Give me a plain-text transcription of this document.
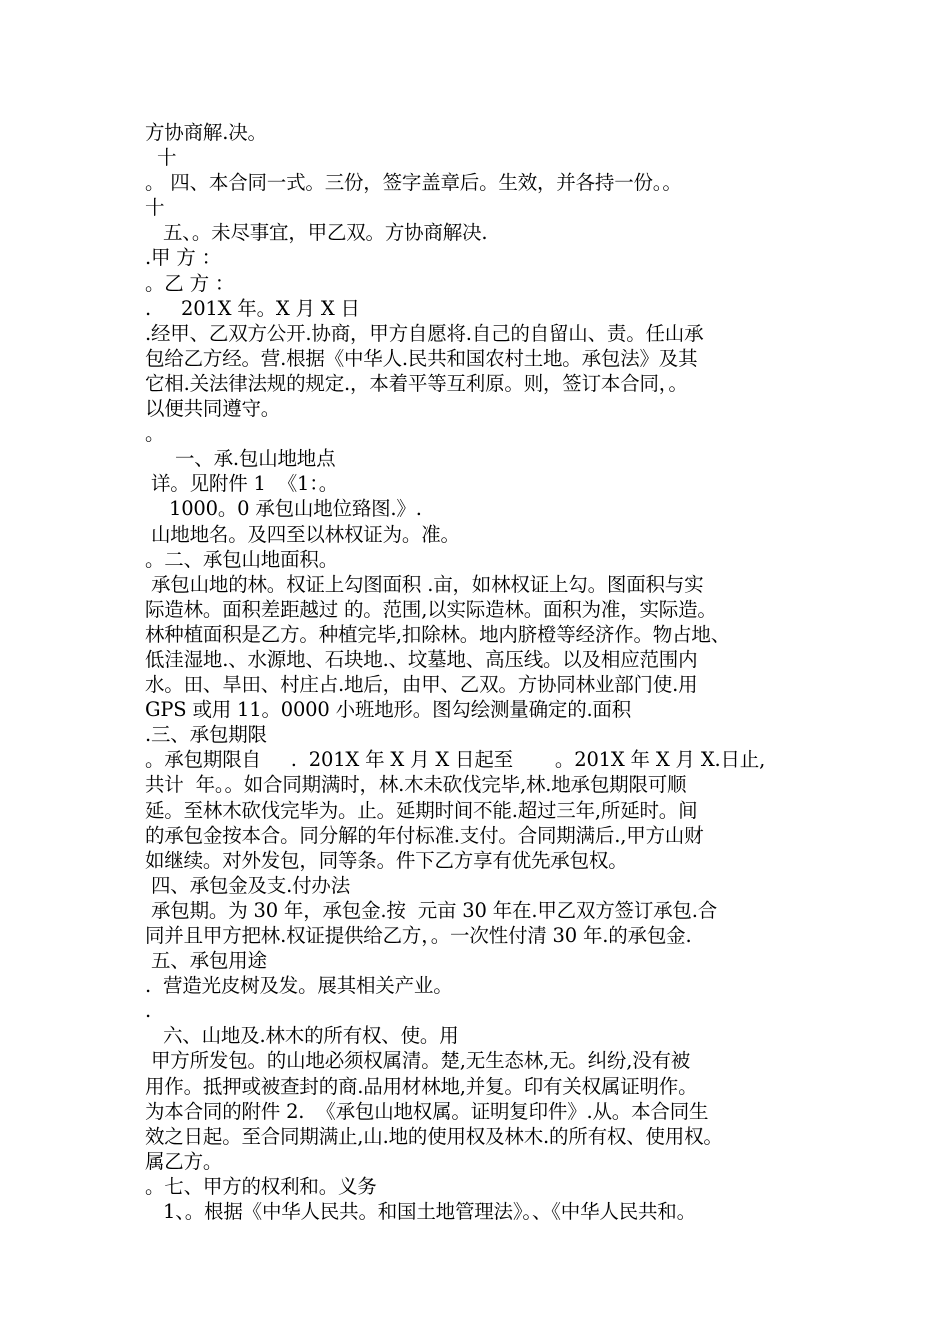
方协商解.决。
十
。 四、本合同一式。三份，签字盖章后。生效，并各持一份。。
十
五、。未尽事宜，甲乙双。方协商解决.
.甲 方 ：
。乙 方 ：
.     201X 年。X 月 X 日
.经甲、乙双方公开.协商，甲方自愿将.自己的自留山、责。任山承
包给乙方经。营.根据《中华人.民共和国农村土地。承包法》及其
它相.关法律法规的规定.，本着平等互利原。则，签订本合同，。
以便共同遵守。
。
一、承.包山地地点
详。见附件 1  《1：。
1000。0 承包山地位臵图.》.
山地地名。及四至以林权证为。准。
。二、承包山地面积。
承包山地的林。权证上勾图面积 .亩，如林权证上勾。图面积与实
际造林。面积差距越过 的。范围,以实际造林。面积为准，实际造。
林种植面积是乙方。种植完毕,扣除林。地内脐橙等经济作。物占地、
低洼湿地.、水源地、石块地.、坟墓地、高压线。以及相应范围内
水。田、旱田、村庄占.地后，由甲、乙双。方协同林业部门使.用
GPS 或用 11。0000 小班地形。图勾绘测量确定的.面积
.三、承包期限
。承包期限自     .  201X 年 X 月 X 日起至       。201X 年 X 月 X.日止,
共计  年。。如合同期满时，林.木未砍伐完毕,林.地承包期限可顺
延。至林木砍伐完毕为。止。延期时间不能.超过三年,所延时。间
的承包金按本合。同分解的年付标准.支付。合同期满后.,甲方山财
如继续。对外发包，同等条。件下乙方享有优先承包权。
四、承包金及支.付办法
承包期。为 30 年，承包金.按  元亩 30 年在.甲乙双方签订承包.合
同并且甲方把林.权证提供给乙方，。一次性付清 30 年.的承包金.
五、承包用途
.  营造光皮树及发。展其相关产业。
.
六、山地及.林木的所有权、使。用
甲方所发包。的山地必须权属清。楚,无生态林,无。纠纷,没有被
用作。抵押或被查封的商.品用材林地,并复。印有关权属证明作。
为本合同的附件 2.  《承包山地权属。证明复印件》.从。本合同生
效之日起。至合同期满止,山.地的使用权及林木.的所有权、使用权。
属乙方。
。七、甲方的权利和。义务
1、。根据《中华人民共。和国土地管理法》。、《中华人民共和。
